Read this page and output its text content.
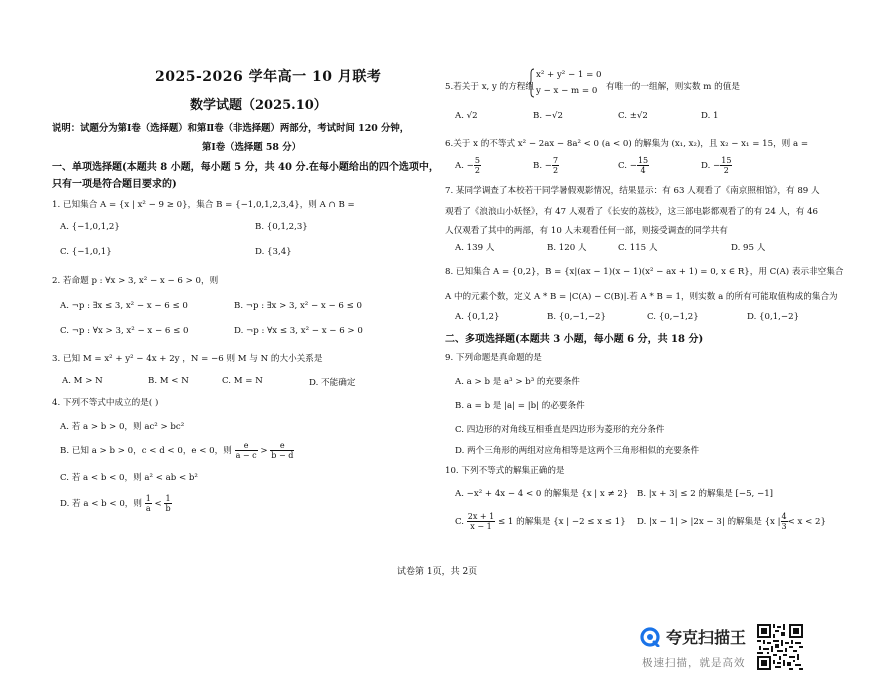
2025-2026 学年高一 10 月联考
数学试题（2025.10）
说明：试题分为第Ⅰ卷（选择题）和第Ⅱ卷（非选择题）两部分，考试时间 120 分钟，
第Ⅰ卷（选择题 58 分）
一、单项选择题(本题共 8 小题，每小题 5 分，共 40 分.在每小题给出的四个选项中，
只有一项是符合题目要求的)
1. 已知集合 A = {x | x² − 9 ≥ 0}，集合 B = {−1,0,1,2,3,4}，则 A ∩ B =
A. {−1,0,1,2}	B. {0,1,2,3}
C. {−1,0,1}	D. {3,4}
2. 若命题 p : ∀x > 3, x² − x − 6 > 0，则
A. ¬p : ∃x ≤ 3, x² − x − 6 ≤ 0	B. ¬p : ∃x > 3, x² − x − 6 ≤ 0
C. ¬p : ∀x > 3, x² − x − 6 ≤ 0	D. ¬p : ∀x ≤ 3, x² − x − 6 > 0
3. 已知 M = x² + y² − 4x + 2y ，N = −6 则 M 与 N 的大小关系是
A. M > N	B. M < N	C. M = N	D. 不能确定
4. 下列不等式中成立的是( )
A. 若 a > b > 0，则 ac² > bc²
B. 已知 a > b > 0，c < d < 0，e < 0，则 $\frac{e}{a - c} > \frac{e}{b - d}$
C. 若 a < b < 0，则 a² < ab < b²
D. 若 a < b < 0，则 $\frac{1}{a} < \frac{1}{b}$
5.若关于 x, y 的方程组
x² + y² − 1 = 0
y − x − m = 0 有唯一的一组解，则实数 m 的值是
A. √2	B. −√2	C. ±√2	D. 1
6.关于 x 的不等式 x² − 2ax − 8a² < 0 (a < 0) 的解集为 (x₁, x₂)，且 x₂ − x₁ = 15，则 a =
A. − $\frac{5}{2}$	B. − $\frac{7}{2}$	C. − $\frac{15}{4}$	D. − $\frac{15}{2}$
7. 某同学调查了本校若干同学暑假观影情况，结果显示：有 63 人观看了《南京照相馆》，有 89 人
观看了《浪浪山小妖怪》，有 47 人观看了《长安的荔枝》，这三部电影都观看了的有 24 人，有 46
人仅观看了其中的两部，有 10 人未观看任何一部，则接受调查的同学共有
A. 139 人	B. 120 人	C. 115 人	D. 95 人
8. 已知集合 A = {0,2}，B = {x|(ax − 1)(x − 1)(x² − ax + 1) = 0, x ∈ R}，用 C(A) 表示非空集合
A 中的元素个数，定义 A * B = |C(A) − C(B)|.若 A * B = 1，则实数 a 的所有可能取值构成的集合为
A. {0,1,2}	B. {0,−1,−2}	C. {0,−1,2}	D. {0,1,−2}
二、多项选择题(本题共 3 小题，每小题 6 分，共 18 分)
9. 下列命题是真命题的是
A. a > b 是 a³ > b³ 的充要条件
B. a = b 是 |a| = |b| 的必要条件
C. 四边形的对角线互相垂直是四边形为菱形的充分条件
D. 两个三角形的两组对应角相等是这两个三角形相似的充要条件
10. 下列不等式的解集正确的是
A. −x² + 4x − 4 < 0 的解集是 {x | x ≠ 2} B. |x + 3| ≤ 2 的解集是 [−5, −1]
C. $\frac{2x + 1}{x - 1} \le 1$ 的解集是 {x | −2 ≤ x ≤ 1} D. |x − 1| > |2x − 3| 的解集是 {x | $\frac{4}{3} < x < 2$}
试卷第 1页，共 2页
夸克扫描王
极速扫描，就是高效
